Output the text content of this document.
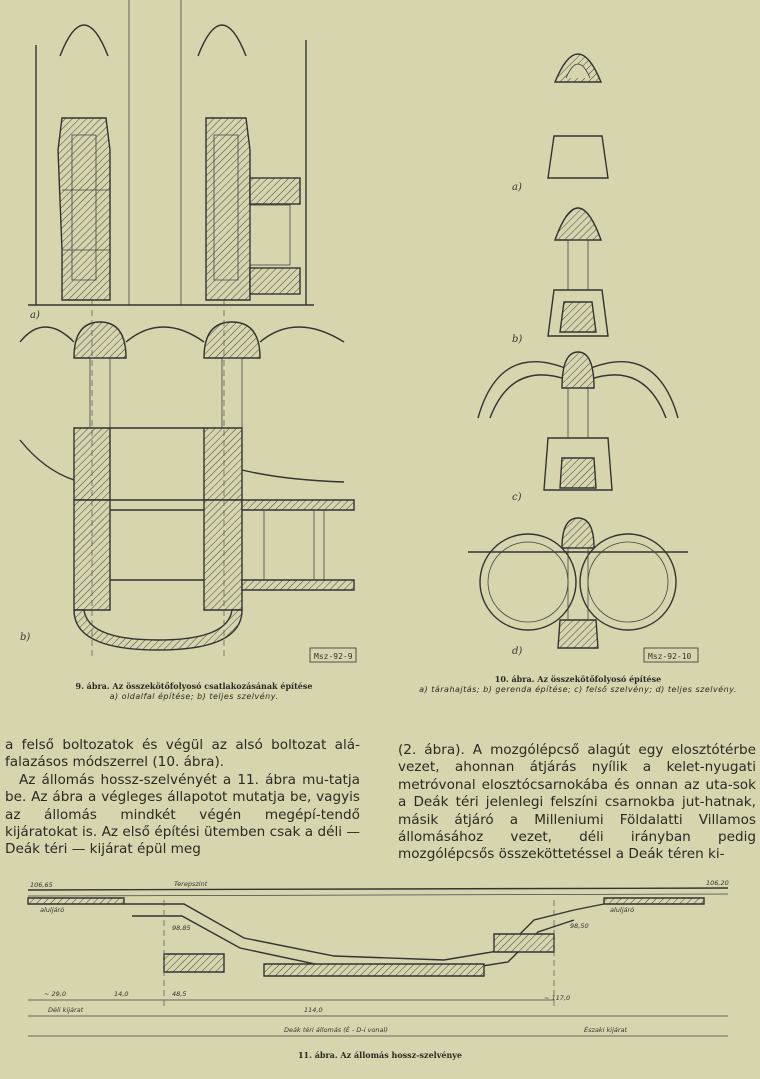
a)
b)
Msz-92-9
9. ábra. Az összekötőfolyosó csatlakozásának építése
a) oldalfal építése; b) teljes szelvény.
a)
b)
c)
d)	Msz-92-10
10. ábra. Az összekötőfolyosó építése
a) tárahajtás; b) gerenda építése; c) felső szelvény; d) teljes szelvény.

a felső boltozatok és végül az alsó boltozat alá-falazásos módszerrel (10. ábra).

Az állomás hossz-szelvényét a 11. ábra mu-tatja be. Az ábra a végleges állapotot mutatja be, vagyis az állomás mindkét végén megépí-tendő kijáratokat is. Az első építési ütemben csak a déli — Deák téri — kijárat épül meg

(2. ábra). A mozgólépcső alagút egy elosztótérbe vezet, ahonnan átjárás nyílik a kelet-nyugati metróvonal elosztócsarnokába és onnan az uta-sok a Deák téri jelenlegi felszíni csarnokba jut-hatnak, másik átjáró a Milleniumi Földalatti Villamos állomásához vezet, déli irányban pedig mozgólépcsős összeköttetéssel a Deák téren ki-

106,65	Terepszint	106,20
aluljáró	aluljáró
98,85	98,50
~ 29,0	14,0	48,5
114,0
~ 117,0
Déli kijárat
Deák téri állomás (É - D-i vonal)	Északi kijárat
11. ábra. Az állomás hossz-szelvénye
